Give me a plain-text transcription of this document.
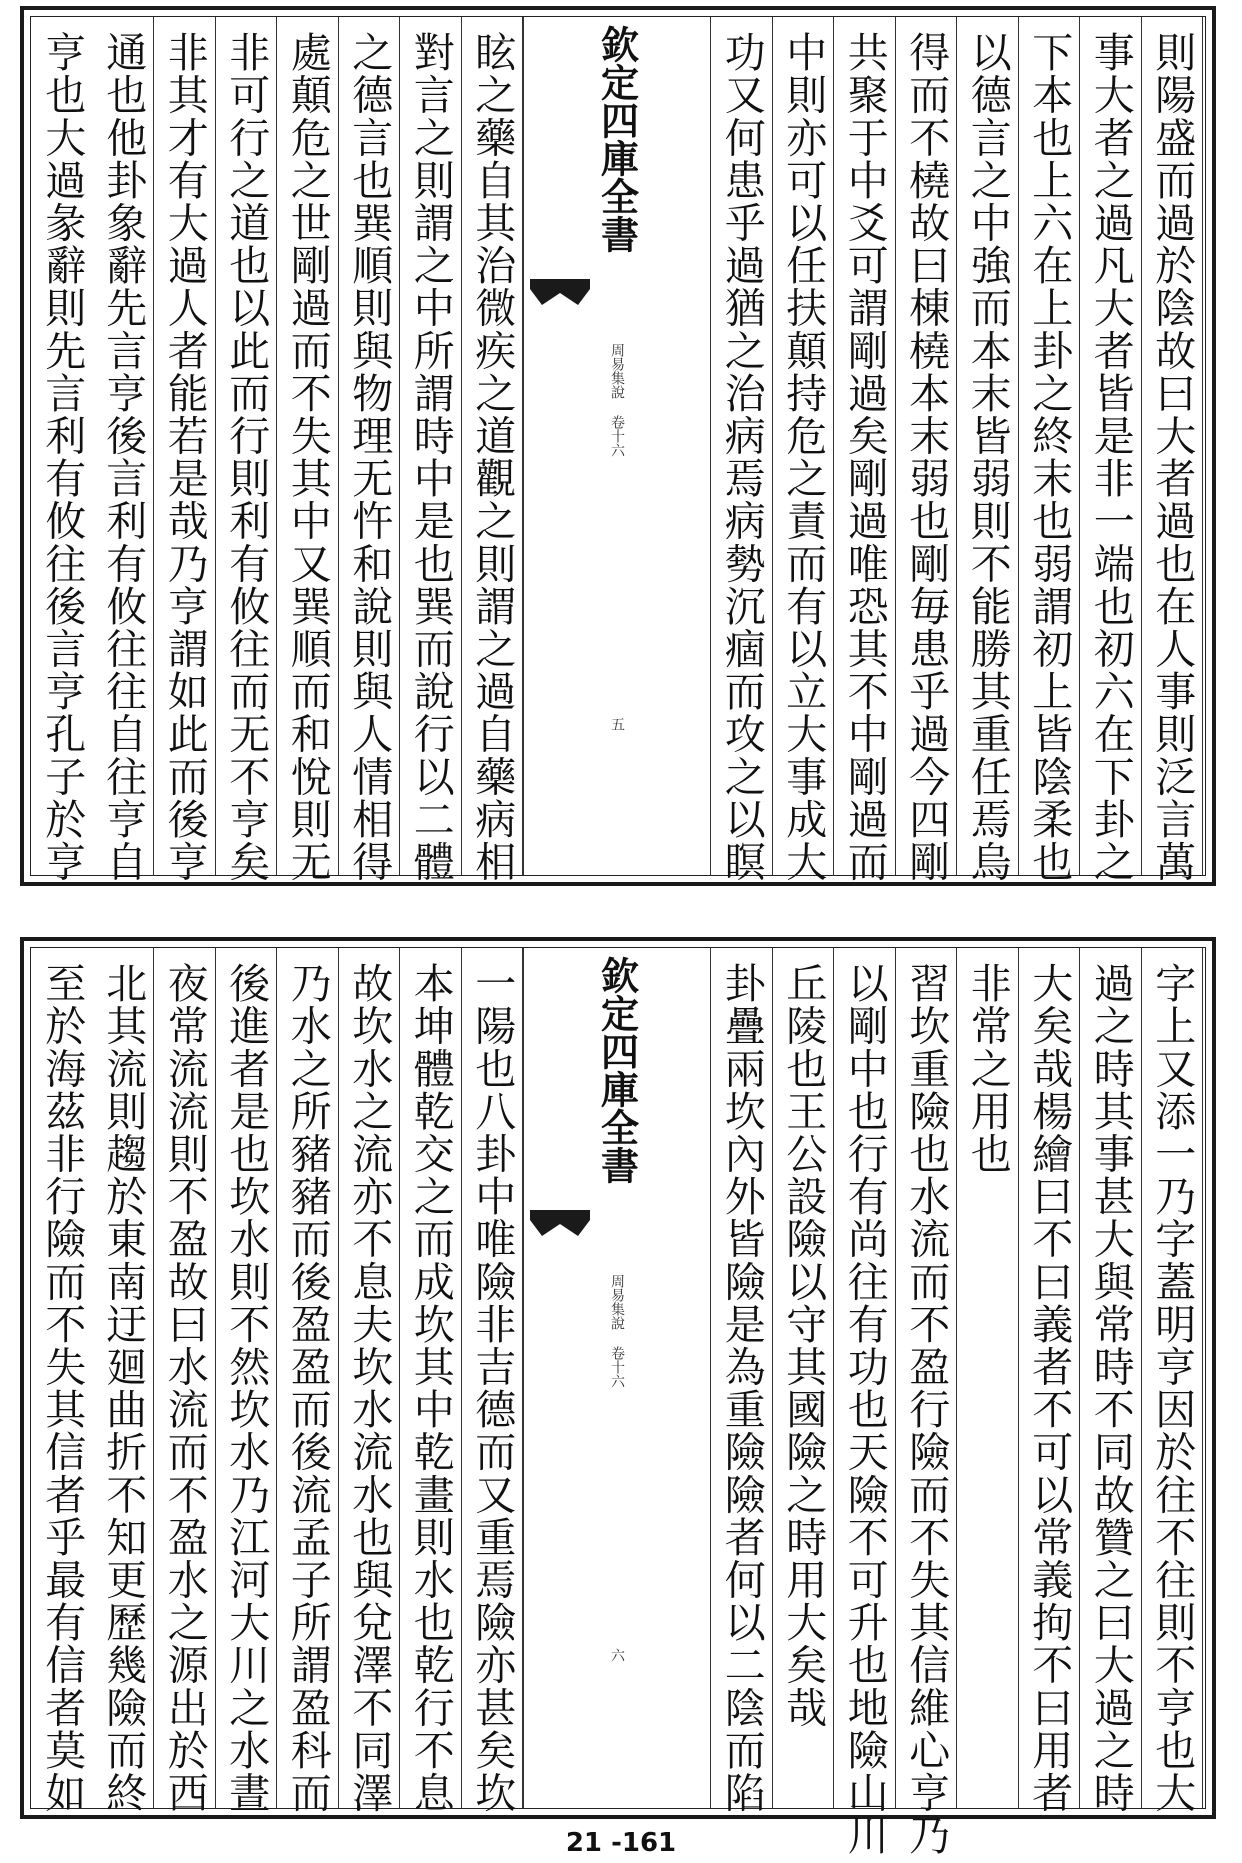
則陽盛而過於陰故曰大者過也在人事則泛言萬
事大者之過凡大者皆是非一端也初六在下卦之
下本也上六在上卦之終末也弱謂初上皆陰柔也
以德言之中強而本末皆弱則不能勝其重任焉烏
得而不橈故曰棟橈本末弱也剛毎患乎過今四剛
共聚于中爻可謂剛過矣剛過唯恐其不中剛過而
中則亦可以任扶顛持危之責而有以立大事成大
功又何患乎過猶之治病焉病勢沉痼而攻之以瞑
欽定四庫全書
周易集說 卷十六
五
眩之藥自其治微疾之道觀之則謂之過自藥病相
對言之則謂之中所謂時中是也巽而說行以二體
之德言也巽順則與物理无忤和說則與人情相得
處顛危之世剛過而不失其中又巽順而和悅則无
非可行之道也以此而行則利有攸往而无不亨矣
非其才有大過人者能若是哉乃亨謂如此而後亨
通也他卦象辭先言亨後言利有攸往往自往亨自
亨也大過彖辭則先言利有攸往後言亨孔子於亨
字上又添一乃字蓋明亨因於往不往則不亨也大
過之時其事甚大與常時不同故贊之曰大過之時
大矣哉楊繪曰不曰義者不可以常義拘不曰用者
非常之用也
習坎重險也水流而不盈行險而不失其信維心亨乃
以剛中也行有尚往有功也天險不可升也地險山川
丘陵也王公設險以守其國險之時用大矣哉
卦疊兩坎內外皆險是為重險險者何以二陰而陷
欽定四庫全書
周易集說 卷十六
六
一陽也八卦中唯險非吉德而又重焉險亦甚矣坎
本坤體乾交之而成坎其中乾畫則水也乾行不息
故坎水之流亦不息夫坎水流水也與兌澤不同澤
乃水之所豬豬而後盈盈而後流孟子所謂盈科而
後進者是也坎水則不然坎水乃江河大川之水晝
夜常流流則不盈故曰水流而不盈水之源出於西
北其流則趨於東南迂廻曲折不知更歷幾險而終
至於海茲非行險而不失其信者乎最有信者莫如
21 -161
